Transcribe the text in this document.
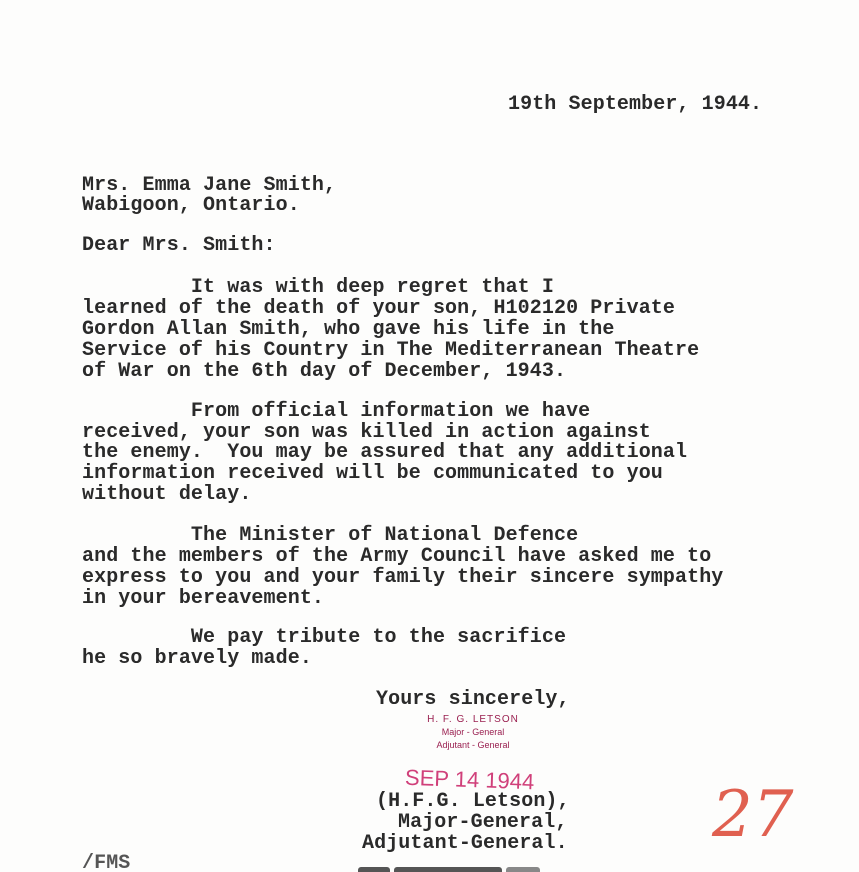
19th September, 1944.
Mrs. Emma Jane Smith,
Wabigoon, Ontario.
Dear Mrs. Smith:
It was with deep regret that I
learned of the death of your son, H102120 Private
Gordon Allan Smith, who gave his life in the
Service of his Country in The Mediterranean Theatre
of War on the 6th day of December, 1943.
From official information we have
received, your son was killed in action against
the enemy.  You may be assured that any additional
information received will be communicated to you
without delay.
The Minister of National Defence
and the members of the Army Council have asked me to
express to you and your family their sincere sympathy
in your bereavement.
We pay tribute to the sacrifice
he so bravely made.
Yours sincerely,
H. F. G. LETSON
Major - General
Adjutant - General
SEP 14 1944
(H.F.G. Letson),
Major-General,
Adjutant-General.
/FMS
27
